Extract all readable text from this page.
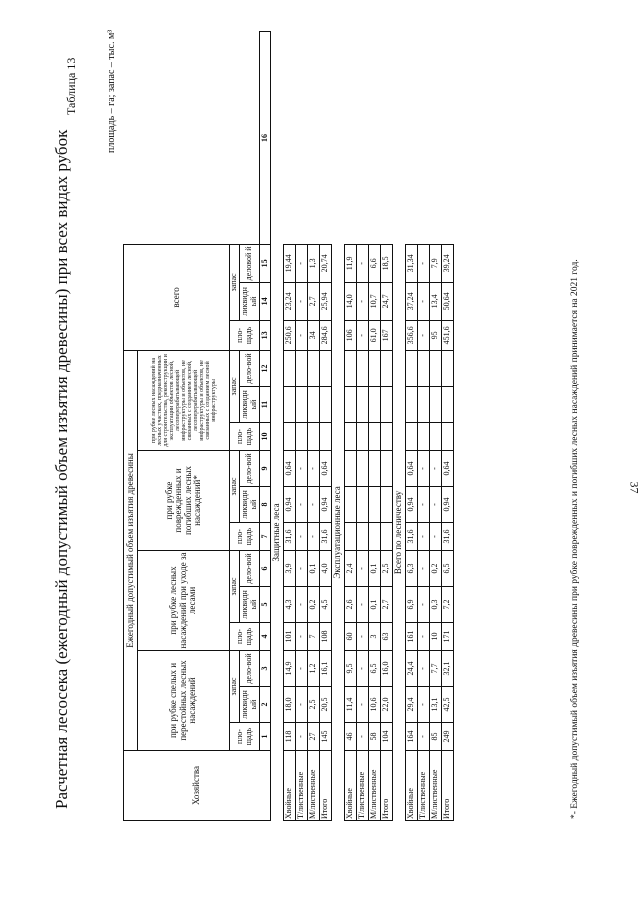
Расчетная лесосека (ежегодный допустимый объем изъятия древесины) при всех видах рубок
Таблица 13	площадь – га; запас – тыс. м³
Хозяйства	Ежегодный допустимый объем изъятия древесины												всего			
	при рубке спелых и перестойных лесных насаждений			при рубке лесных насаждений при уходе за лесами			при рубке поврежденных и погибших лесных насаждений*			при рубке лесных насаждений на лесных участках, предназначенных для строительства, реконструкции и эксплуатации объектов лесной, лесоперерабатывающей инфраструктуры и объектов, не связанных с созданием лесной, лесоперерабатывающей инфраструктуры и объектов, не связанных с созданием лесной инфраструктуры						
	пло-щадь	запас		пло-щадь	запас		пло-щадь	запас		пло-щадь	запас		пло-щадь	запас		
		ликвидн ый	дело-вой		ликвидн ый	дело-вой		ликвидн ый	дело-вой		ликвидн ый	дело-вой		ликвидн ый	деловой й	
	1	2	3	4	5	6	7	8	9	10	11	12	13	14	15	16
Защитные леса																
Хвойные	118	18,0	14,9	101	4,3	3,9	31,6	0,94	0,64				250,6	23,24	19,44	
Т/лиственные	-	-	-	-	-	-	-	-	-				-	-	-	
М/лиственные	27	2,5	1,2	7	0,2	0,1	-	-	-				34	2,7	1,3	
Итого	145	20,5	16,1	108	4,5	4,0	31,6	0,94	0,64				284,6	25,94	20,74	
Эксплуатационные леса																
Хвойные	46	11,4	9,5	60	2,6	2,4							106	14,0	11,9	
Т/лиственные	-	-	-	-	-	-							-	-	-	
М/лиственные	58	10,6	6,5	3	0,1	0,1							61,0	10,7	6,6	
Итого	104	22,0	16,0	63	2,7	2,5							167	24,7	18,5	
Всего по лесничеству																
Хвойные	164	29,4	24,4	161	6,9	6,3	31,6	0,94	0,64				356,6	37,24	31,34	
Т/лиственные	-	-	-	-	-	-	-	-	-				-	-	-	
М/лиственные	85	13,1	7,7	10	0,3	0,2	-	-	-				95	13,4	7,9	
Итого	249	42,5	32,1	171	7,2	6,5	31,6	0,94	0,64				451,6	50,64	39,24		*- Ежегодный допустимый объем изъятия древесины при рубке поврежденных и погибших лесных насаждений принимается на 2021 год.	37
